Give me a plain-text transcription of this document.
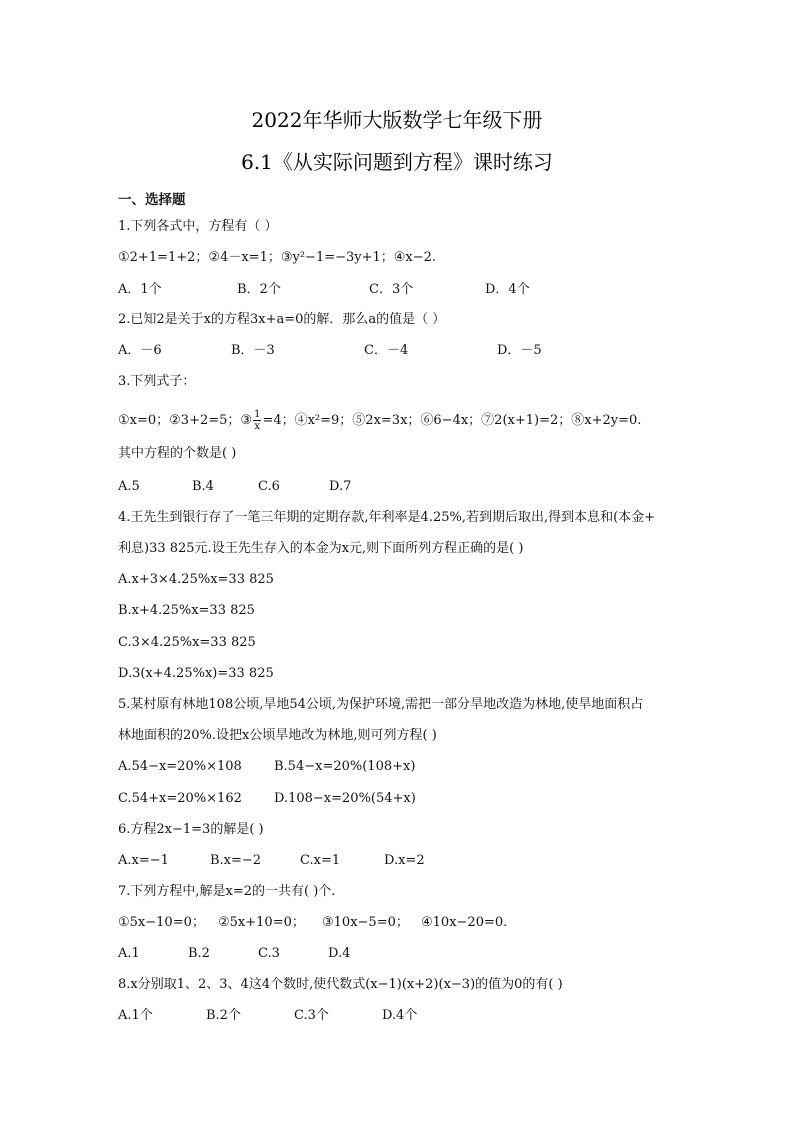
2022年华师大版数学七年级下册
6.1《从实际问题到方程》课时练习
一、选择题
1.下列各式中，方程有（ ）
①2+1=1+2；②4－x=1；③y²−1=−3y+1；④x−2.
A．1个	B．2个	C．3个	D．4个
2.已知2是关于x的方程3x+a=0的解．那么a的值是（ ）
A．－6	B．－3	C．－4	D．－5
3.下列式子：
①x=0；②3+2=5；③ $\frac{1}{x} =4$；④x²=9；⑤2x=3x；⑥6−4x；⑦2(x+1)=2；⑧x+2y=0.
其中方程的个数是( )
A.5	B.4	C.6	D.7
4.王先生到银行存了一笔三年期的定期存款,年利率是4.25%,若到期后取出,得到本息和(本金+
利息)33 825元.设王先生存入的本金为x元,则下面所列方程正确的是( )
A.x+3×4.25%x=33 825
B.x+4.25%x=33 825
C.3×4.25%x=33 825
D.3(x+4.25%x)=33 825
5.某村原有林地108公顷,旱地54公顷,为保护环境,需把一部分旱地改造为林地,使旱地面积占
林地面积的20%.设把x公顷旱地改为林地,则可列方程( )
A.54−x=20%×108 B.54−x=20%(108+x)
C.54+x=20%×162 D.108−x=20%(54+x)
6.方程2x−1=3的解是( )
A.x=−1	B.x=−2	C.x=1	D.x=2
7.下列方程中,解是x=2的一共有( )个.
①5x−10=0； ②5x+10=0； ③10x−5=0； ④10x−20=0.
A.1	B.2	C.3	D.4
8.x分别取1、2、3、4这4个数时,使代数式(x−1)(x+2)(x−3)的值为0的有( )
A.1个	B.2个	C.3个	D.4个
